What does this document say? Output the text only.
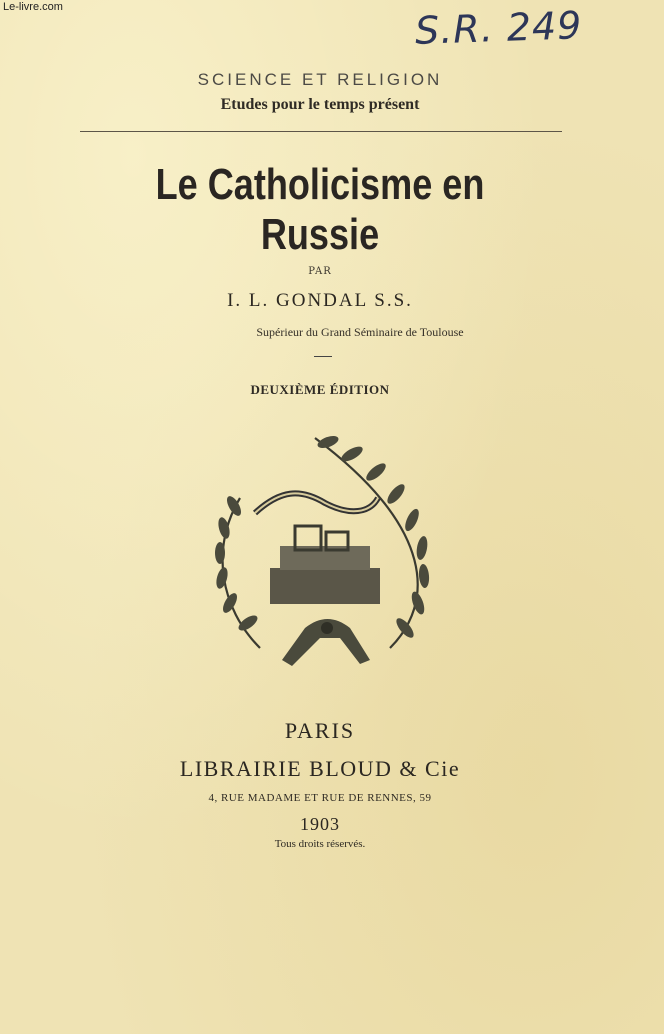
Le-livre.com	S.R. 249
SCIENCE ET RELIGION
Etudes pour le temps présent
Le Catholicisme en Russie
PAR
I. L. GONDAL S.S.
Supérieur du Grand Séminaire de Toulouse
DEUXIÈME ÉDITION
PARIS
LIBRAIRIE BLOUD & Cie
4, RUE MADAME ET RUE DE RENNES, 59
1903
Tous droits réservés.
